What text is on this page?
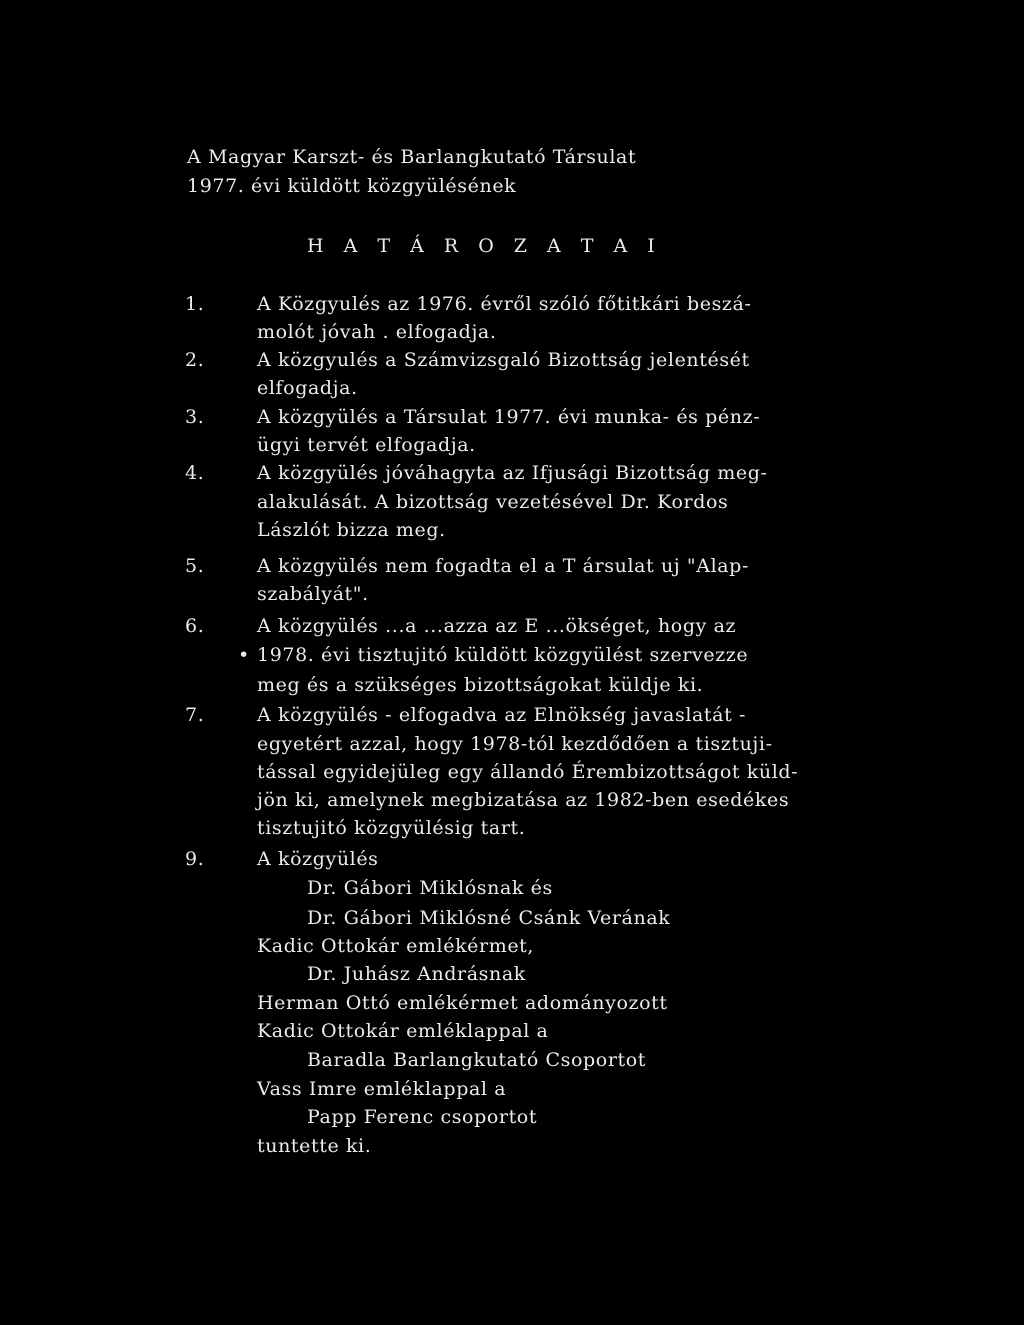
A Magyar Karszt- és Barlangkutató Társulat
1977. évi küldött közgyülésének
H A T Á R O Z A T A I
1.	A Közgyulés az 1976. évről szóló főtitkári beszá-
molót jóvah . elfogadja.
2.	A közgyulés a Számvizsgaló Bizottság jelentését
elfogadja.
3.	A közgyülés a Társulat 1977. évi munka- és pénz-
ügyi tervét elfogadja.
4.	A közgyülés jóváhagyta az Ifjusági Bizottság meg-
alakulását. A bizottság vezetésével Dr. Kordos
Lászlót bizza meg.
5.	A közgyülés nem fogadta el a T ársulat uj "Alap-
szabályát".
6.	A közgyülés ...a ...azza az E ...ökséget, hogy az
• 1978. évi tisztujitó küldött közgyülést szervezze
meg és a szükséges bizottságokat küldje ki.
7.	A közgyülés - elfogadva az Elnökség javaslatát -
egyetért azzal, hogy 1978-tól kezdődően a tisztuji-
tással egyidejüleg egy állandó Érembizottságot küld-
jön ki, amelynek megbizatása az 1982-ben esedékes
tisztujitó közgyülésig tart.
9.	A közgyülés
Dr. Gábori Miklósnak és
Dr. Gábori Miklósné Csánk Verának
Kadic Ottokár emlékérmet,
Dr. Juhász Andrásnak
Herman Ottó emlékérmet adományozott
Kadic Ottokár emléklappal a
Baradla Barlangkutató Csoportot
Vass Imre emléklappal a
Papp Ferenc csoportot
tuntette ki.
